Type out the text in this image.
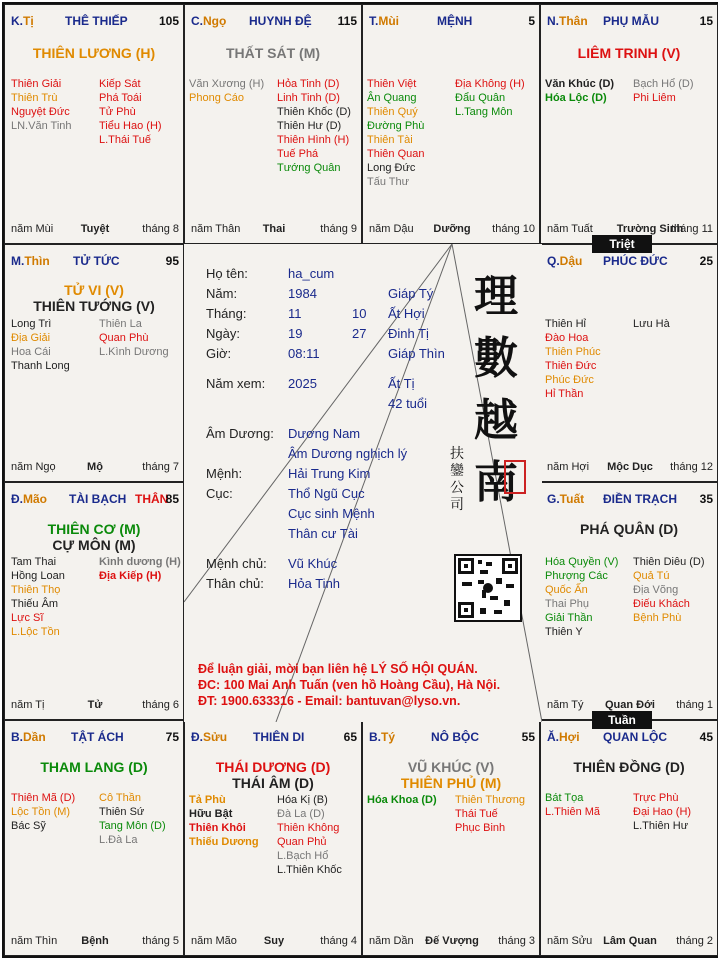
K.Tị	THÊ THIẾP	105
THIÊN LƯƠNG (H)
Thiên Giải
Thiên Trù
Nguyệt Đức
LN.Văn Tinh
Kiếp Sát
Phá Toái
Tử Phù
Tiểu Hao (H)
L.Thái Tuế
năm Mùi	Tuyệt	tháng 8
C.Ngọ HUYNH ĐỆ 115
THẤT SÁT (M)
Văn Xương (H)
Phong Cáo
Hỏa Tinh (D)
Linh Tinh (D)
Thiên Khốc (D)
Thiên Hư (D)
Thiên Hình (H)
Tuế Phá
Tướng Quân
năm Thân	Thai	tháng 9
T.Mùi	MỆNH	5
Thiên Việt
Ân Quang
Thiên Quý
Đường Phù
Thiên Tài
Thiên Quan
Long Đức
Tấu Thư
Địa Không (H)
Đẩu Quân
L.Tang Môn
năm Dậu	Dưỡng	tháng 10
N.Thân PHỤ MẪU	15
LIÊM TRINH (V)
Văn Khúc (D)
Hóa Lộc (D)
Bạch Hổ (D)
Phi Liêm
năm Tuất	Trường Sinh
tháng 11
M.Thìn TỬ TỨC	95
TỬ VI (V)
THIÊN TƯỚNG (V)
Long Trì
Địa Giải
Hoa Cái
Thanh Long
Thiên La
Quan Phù
L.Kình Dương
năm Ngọ	Mộ	tháng 7
Q.Dậu PHÚC ĐỨC	25
Thiên Hỉ
Đào Hoa
Thiên Phúc
Thiên Đức
Phúc Đức
Hỉ Thần
Lưu Hà
năm Hợi	Mộc Dục	tháng 12
Đ.Mão TÀI BẠCH THÂN
85
THIÊN CƠ (M)
CỰ MÔN (M)
Tam Thai
Hồng Loan
Thiên Thọ
Thiếu Âm
Lực Sĩ
L.Lộc Tồn
Kình dương (H)
Địa Kiếp (H)
năm Tị	Tử	tháng 6
G.Tuất ĐIỀN TRẠCH 35
PHÁ QUÂN (D)
Hóa Quyền (V)
Phượng Các
Quốc Ấn
Thai Phụ
Giải Thần
Thiên Y
Thiên Diêu (D)
Quả Tú
Địa Võng
Điếu Khách
Bệnh Phù
năm Tý	Quan Đới	tháng 1
B.Dần TẬT ÁCH	75
THAM LANG (D)
Thiên Mã (D)
Lộc Tồn (M)
Bác Sỹ
Cô Thần
Thiên Sứ
Tang Môn (D)
L.Đà La
năm Thìn	Bệnh	tháng 5
Đ.Sửu THIÊN DI	65
THÁI DƯƠNG (D)
THÁI ÂM (D)
Tả Phù
Hữu Bật
Thiên Khôi
Thiếu Dương
Hóa Kị (B)
Đà La (D)
Thiên Không
Quan Phủ
L.Bạch Hổ
L.Thiên Khốc
năm Mão	Suy	tháng 4
B.Tý	NÔ BỘC	55
VŨ KHÚC (V)
THIÊN PHỦ (M)
Hóa Khoa (D) Thiên Thương
Thái Tuế
Phục Binh
năm Dần	Đế Vượng	tháng 3
Ă.Hợi QUAN LỘC	45
THIÊN ĐỒNG (D)
Bát Tọa
L.Thiên Mã
Trực Phù
Đại Hao (H)
L.Thiên Hư
năm Sửu Lâm Quan	tháng 2
Họ tên:	ha_cum
Năm:	1984	Giáp Tý
Tháng:	11	10 Ất Hợi
Ngày:	19	27 Đinh Tị
Giờ:	08:11	Giáp Thìn
Năm xem: 2025	Ất Tị
42 tuổi
Âm Dương: Dương Nam
Âm Dương nghịch lý
Mệnh:	Hải Trung Kim
Cục:	Thổ Ngũ Cục
Cục sinh Mệnh
Thân cư Tài
Mệnh chủ: Vũ Khúc
Thân chủ: Hỏa Tinh
理
數
越
南
扶鑾公司
Để luận giải, mời bạn liên hệ LÝ SỐ HỘI QUÁN.
ĐC: 100 Mai Anh Tuấn (ven hồ Hoàng Cầu), Hà Nội.
ĐT: 1900.633316 - Email: bantuvan@lyso.vn.
Triệt
Tuần
